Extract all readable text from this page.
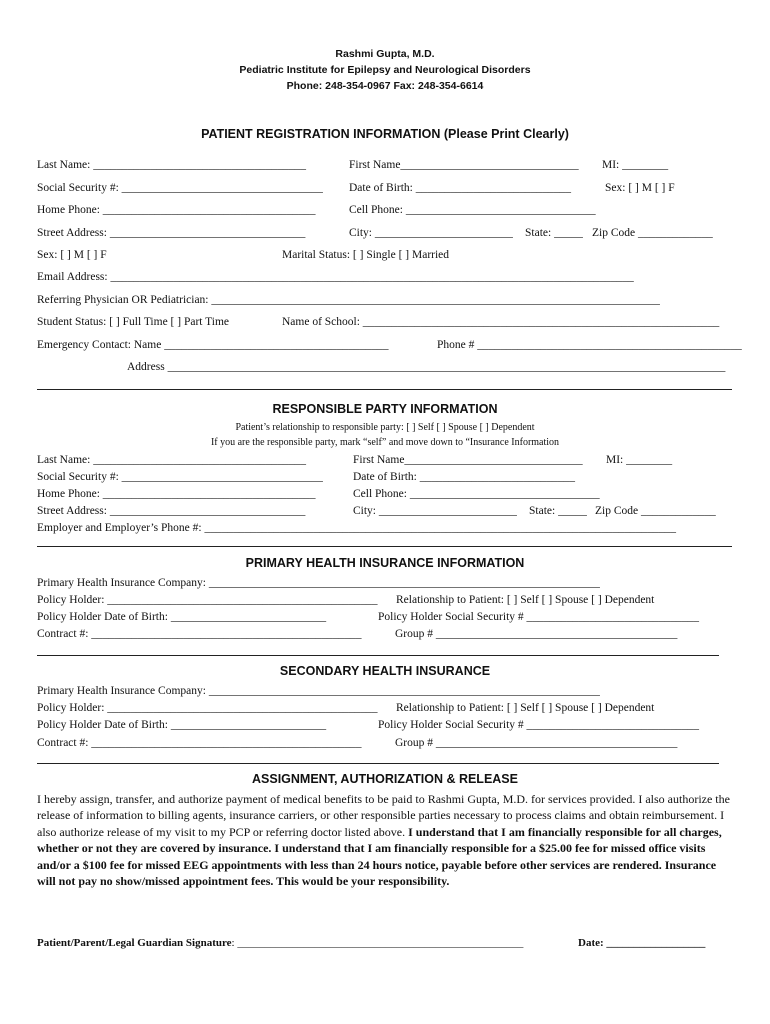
Rashmi Gupta, M.D.
Pediatric Institute for Epilepsy and Neurological Disorders
Phone: 248-354-0967 Fax: 248-354-6614
PATIENT REGISTRATION INFORMATION (Please Print Clearly)
Last Name: _____________________________________	First Name_______________________________ MI: ________
Social Security #: ___________________________________ Date of Birth: ___________________________	Sex: [ ] M [ ] F
Home Phone: _____________________________________	Cell Phone: _________________________________
Street Address: __________________________________	City: ________________________ State: _____ Zip Code _____________
Sex: [ ] M [ ] F	Marital Status: [ ] Single [ ] Married
Email Address: ___________________________________________________________________________________________
Referring Physician OR Pediatrician: ______________________________________________________________________________
Student Status: [ ] Full Time [ ] Part Time	Name of School: ______________________________________________________________
Emergency Contact: Name _______________________________________	Phone # ______________________________________________
Address _________________________________________________________________________________________________
RESPONSIBLE PARTY INFORMATION
Patient’s relationship to responsible party: [ ] Self [ ] Spouse [ ] Dependent
If you are the responsible party, mark “self” and move down to “Insurance Information
Last Name: _____________________________________	First Name_______________________________ MI: ________
Social Security #: ___________________________________	Date of Birth: ___________________________
Home Phone: _____________________________________	Cell Phone: _________________________________
Street Address: __________________________________	City: ________________________ State: _____ Zip Code _____________
Employer and Employer’s Phone #: __________________________________________________________________________________
PRIMARY HEALTH INSURANCE INFORMATION
Primary Health Insurance Company: ____________________________________________________________________
Policy Holder: _______________________________________________ Relationship to Patient: [ ] Self [ ] Spouse [ ] Dependent
Policy Holder Date of Birth: ___________________________	Policy Holder Social Security # ______________________________
Contract #: _______________________________________________	Group # __________________________________________
SECONDARY HEALTH INSURANCE
Primary Health Insurance Company: ____________________________________________________________________
Policy Holder: _______________________________________________ Relationship to Patient: [ ] Self [ ] Spouse [ ] Dependent
Policy Holder Date of Birth: ___________________________	Policy Holder Social Security # ______________________________
Contract #: _______________________________________________	Group # __________________________________________
ASSIGNMENT, AUTHORIZATION & RELEASE
I hereby assign, transfer, and authorize payment of medical benefits to be paid to Rashmi Gupta, M.D. for services provided. I also authorize the release of information to billing agents, insurance carriers, or other responsible parties necessary to process claims and obtain reimbursement. I also authorize release of my visit to my PCP or referring doctor listed above. I understand that I am financially responsible for all charges, whether or not they are covered by insurance. I understand that I am financially responsible for a $25.00 fee for missed office visits and/or a $100 fee for missed EEG appointments with less than 24 hours notice, payable before other services are rendered. Insurance will not pay no show/missed appointment fees. This would be your responsibility.
Patient/Parent/Legal Guardian Signature: ____________________________________________________	Date: __________________
